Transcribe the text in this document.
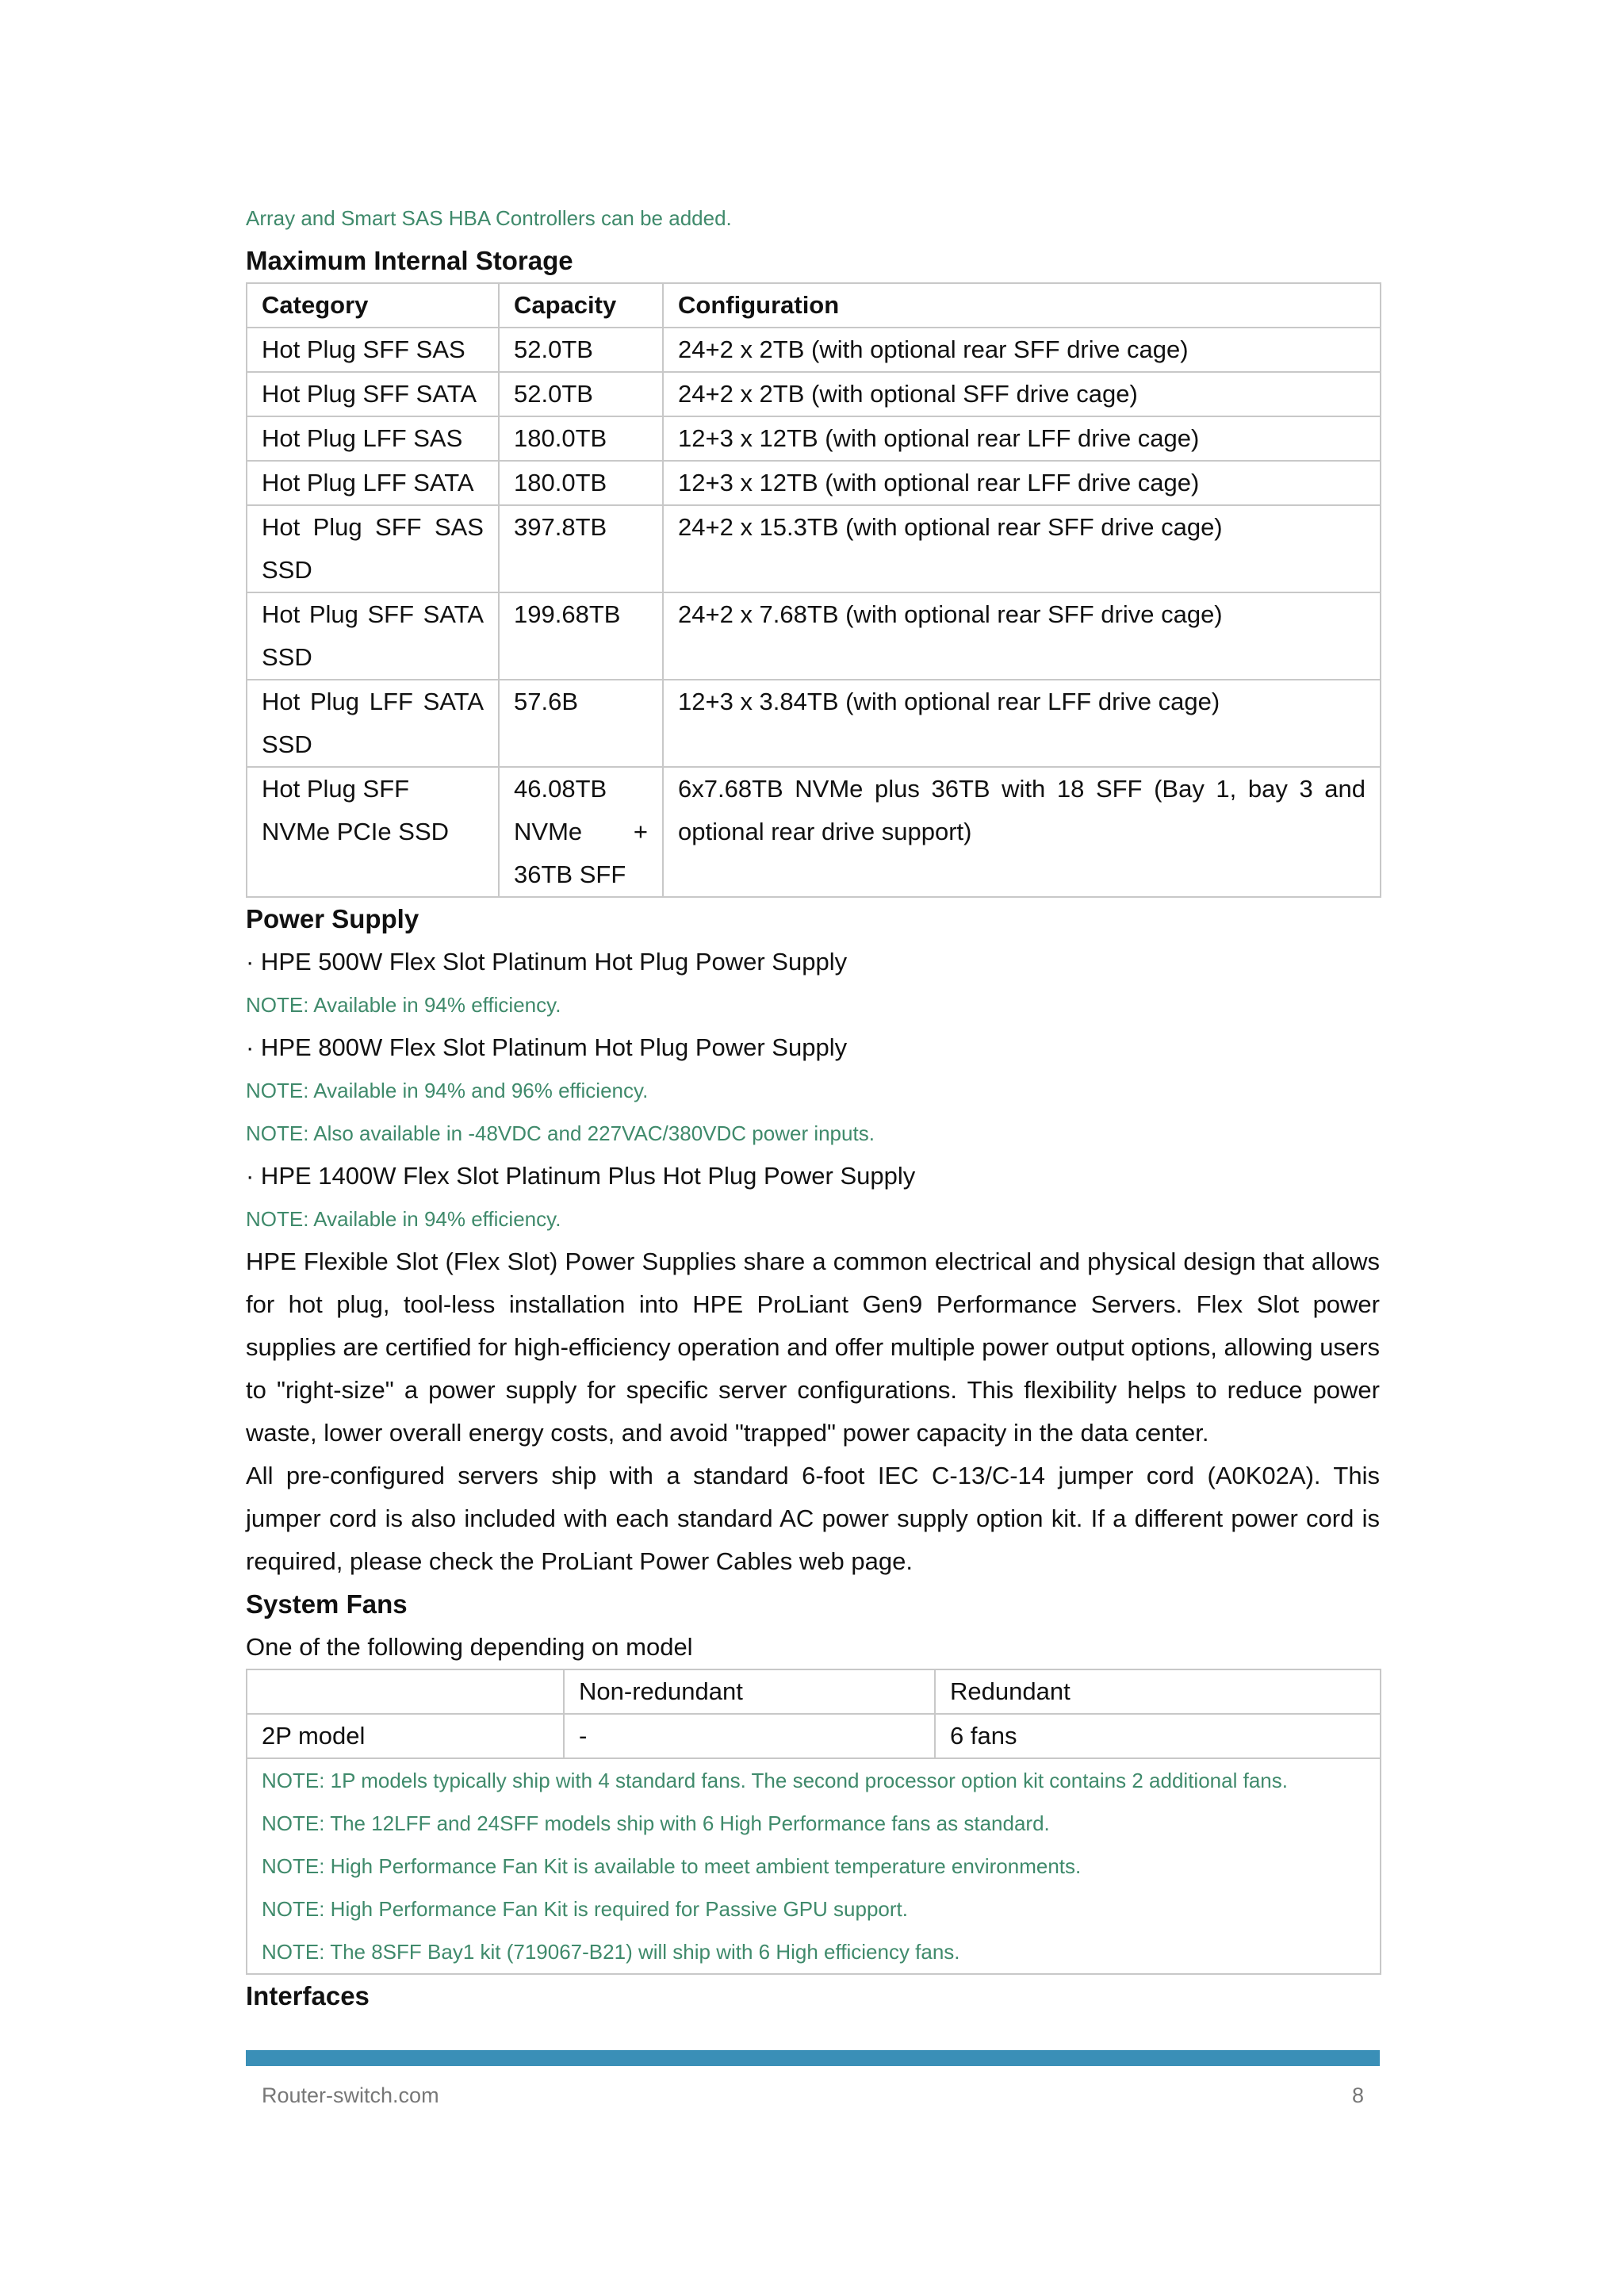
Array and Smart SAS HBA Controllers can be added.
Maximum Internal Storage
Category	Capacity	Configuration
Hot Plug SFF SAS	52.0TB	24+2 x 2TB (with optional rear SFF drive cage)
Hot Plug SFF SATA	52.0TB	24+2 x 2TB (with optional SFF drive cage)
Hot Plug LFF SAS	180.0TB	12+3 x 12TB (with optional rear LFF drive cage)
Hot Plug LFF SATA	180.0TB	12+3 x 12TB (with optional rear LFF drive cage)
Hot Plug SFF SAS SSD	397.8TB	24+2 x 15.3TB (with optional rear SFF drive cage)
Hot Plug SFF SATA SSD	199.68TB	24+2 x 7.68TB (with optional rear SFF drive cage)
Hot Plug LFF SATA SSD	57.6B	12+3 x 3.84TB (with optional rear LFF drive cage)
Hot Plug SFF NVMe PCIe SSD	46.08TB NVMe + 36TB SFF	6x7.68TB NVMe plus 36TB with 18 SFF (Bay 1, bay 3 and optional rear drive support)
Power Supply
· HPE 500W Flex Slot Platinum Hot Plug Power Supply
NOTE: Available in 94% efficiency.
· HPE 800W Flex Slot Platinum Hot Plug Power Supply
NOTE: Available in 94% and 96% efficiency.
NOTE: Also available in -48VDC and 227VAC/380VDC power inputs.
· HPE 1400W Flex Slot Platinum Plus Hot Plug Power Supply
NOTE: Available in 94% efficiency.
HPE Flexible Slot (Flex Slot) Power Supplies share a common electrical and physical design that allows for hot plug, tool-less installation into HPE ProLiant Gen9 Performance Servers. Flex Slot power supplies are certified for high-efficiency operation and offer multiple power output options, allowing users to "right-size" a power supply for specific server configurations. This flexibility helps to reduce power waste, lower overall energy costs, and avoid "trapped" power capacity in the data center.
All pre-configured servers ship with a standard 6-foot IEC C-13/C-14 jumper cord (A0K02A). This jumper cord is also included with each standard AC power supply option kit. If a different power cord is required, please check the ProLiant Power Cables web page.
System Fans
One of the following depending on model
	Non-redundant	Redundant
2P model	-	6 fans

NOTE: 1P models typically ship with 4 standard fans. The second processor option kit contains 2 additional fans.
NOTE: The 12LFF and 24SFF models ship with 6 High Performance fans as standard.
NOTE: High Performance Fan Kit is available to meet ambient temperature environments.
NOTE: High Performance Fan Kit is required for Passive GPU support.
NOTE: The 8SFF Bay1 kit (719067-B21) will ship with 6 High efficiency fans.		
Interfaces
Router-switch.com	8
